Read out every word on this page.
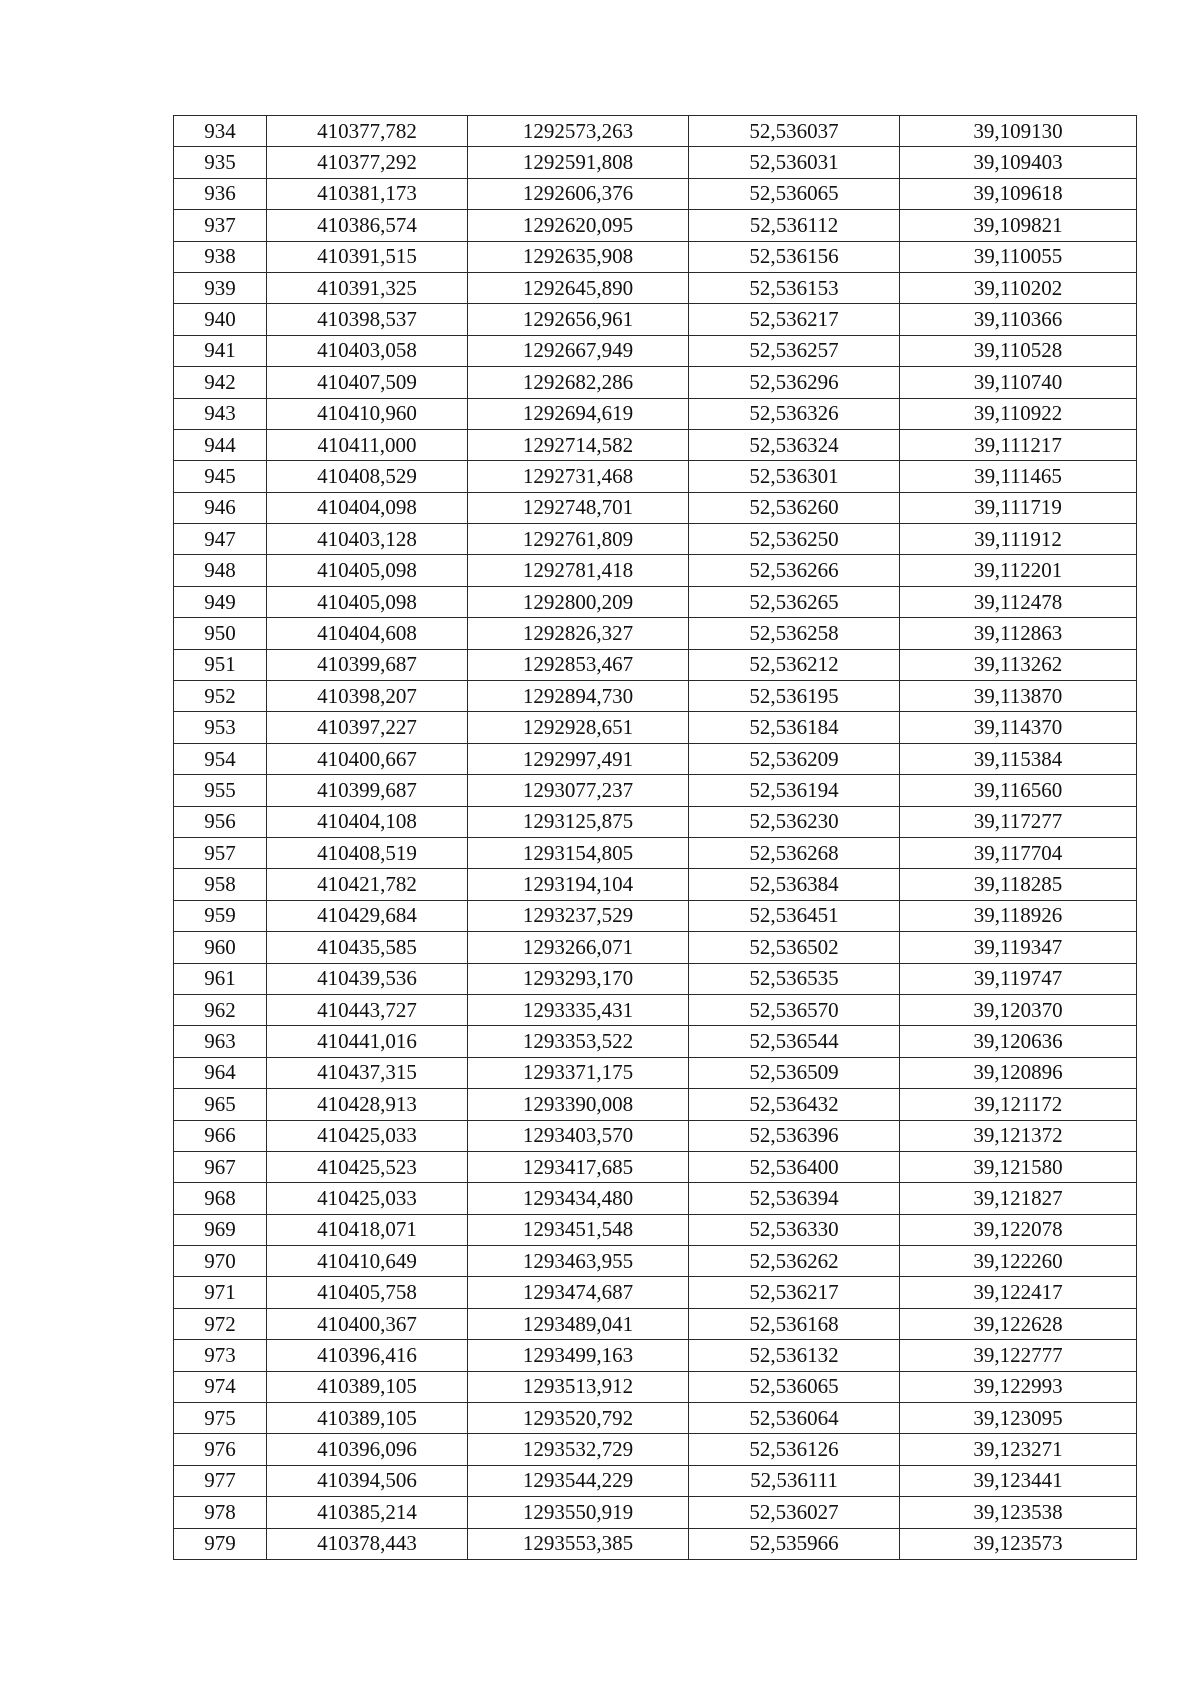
934	410377,782	1292573,263	52,536037	39,109130
935	410377,292	1292591,808	52,536031	39,109403
936	410381,173	1292606,376	52,536065	39,109618
937	410386,574	1292620,095	52,536112	39,109821
938	410391,515	1292635,908	52,536156	39,110055
939	410391,325	1292645,890	52,536153	39,110202
940	410398,537	1292656,961	52,536217	39,110366
941	410403,058	1292667,949	52,536257	39,110528
942	410407,509	1292682,286	52,536296	39,110740
943	410410,960	1292694,619	52,536326	39,110922
944	410411,000	1292714,582	52,536324	39,111217
945	410408,529	1292731,468	52,536301	39,111465
946	410404,098	1292748,701	52,536260	39,111719
947	410403,128	1292761,809	52,536250	39,111912
948	410405,098	1292781,418	52,536266	39,112201
949	410405,098	1292800,209	52,536265	39,112478
950	410404,608	1292826,327	52,536258	39,112863
951	410399,687	1292853,467	52,536212	39,113262
952	410398,207	1292894,730	52,536195	39,113870
953	410397,227	1292928,651	52,536184	39,114370
954	410400,667	1292997,491	52,536209	39,115384
955	410399,687	1293077,237	52,536194	39,116560
956	410404,108	1293125,875	52,536230	39,117277
957	410408,519	1293154,805	52,536268	39,117704
958	410421,782	1293194,104	52,536384	39,118285
959	410429,684	1293237,529	52,536451	39,118926
960	410435,585	1293266,071	52,536502	39,119347
961	410439,536	1293293,170	52,536535	39,119747
962	410443,727	1293335,431	52,536570	39,120370
963	410441,016	1293353,522	52,536544	39,120636
964	410437,315	1293371,175	52,536509	39,120896
965	410428,913	1293390,008	52,536432	39,121172
966	410425,033	1293403,570	52,536396	39,121372
967	410425,523	1293417,685	52,536400	39,121580
968	410425,033	1293434,480	52,536394	39,121827
969	410418,071	1293451,548	52,536330	39,122078
970	410410,649	1293463,955	52,536262	39,122260
971	410405,758	1293474,687	52,536217	39,122417
972	410400,367	1293489,041	52,536168	39,122628
973	410396,416	1293499,163	52,536132	39,122777
974	410389,105	1293513,912	52,536065	39,122993
975	410389,105	1293520,792	52,536064	39,123095
976	410396,096	1293532,729	52,536126	39,123271
977	410394,506	1293544,229	52,536111	39,123441
978	410385,214	1293550,919	52,536027	39,123538
979	410378,443	1293553,385	52,535966	39,123573
